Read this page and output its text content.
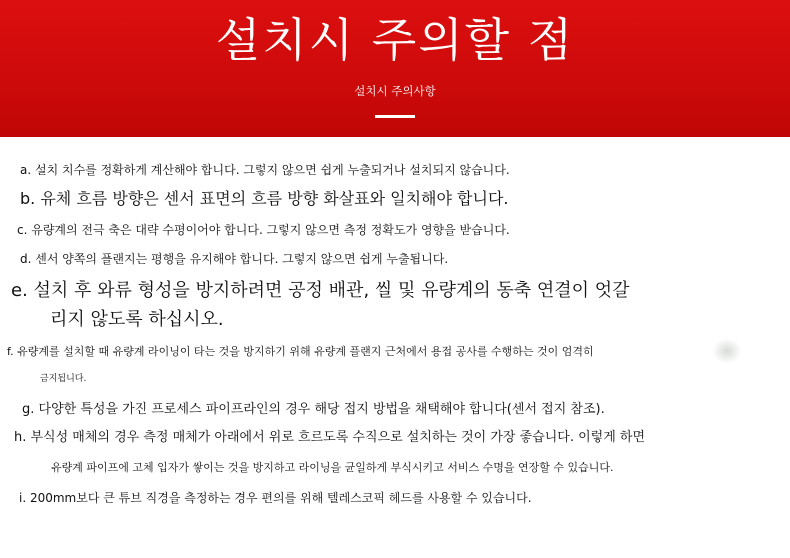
설치시 주의할 점
설치시 주의사항
a. 설치 치수를 정확하게 계산해야 합니다. 그렇지 않으면 쉽게 누출되거나 설치되지 않습니다.
b. 유체 흐름 방향은 센서 표면의 흐름 방향 화살표와 일치해야 합니다.
c. 유량계의 전극 축은 대략 수평이어야 합니다. 그렇지 않으면 측정 정확도가 영향을 받습니다.
d. 센서 양쪽의 플랜지는 평행을 유지해야 합니다. 그렇지 않으면 쉽게 누출됩니다.
e. 설치 후 와류 형성을 방지하려면 공정 배관, 씰 및 유량계의 동축 연결이 엇갈
리지 않도록 하십시오.
f. 유량계를 설치할 때 유량계 라이닝이 타는 것을 방지하기 위해 유량계 플랜지 근처에서 용접 공사를 수행하는 것이 엄격히
금지됩니다.
g. 다양한 특성을 가진 프로세스 파이프라인의 경우 해당 접지 방법을 채택해야 합니다(센서 접지 참조).
h. 부식성 매체의 경우 측정 매체가 아래에서 위로 흐르도록 수직으로 설치하는 것이 가장 좋습니다. 이렇게 하면
유량계 파이프에 고체 입자가 쌓이는 것을 방지하고 라이닝을 균일하게 부식시키고 서비스 수명을 연장할 수 있습니다.
i. 200mm보다 큰 튜브 직경을 측정하는 경우 편의를 위해 텔레스코픽 헤드를 사용할 수 있습니다.
